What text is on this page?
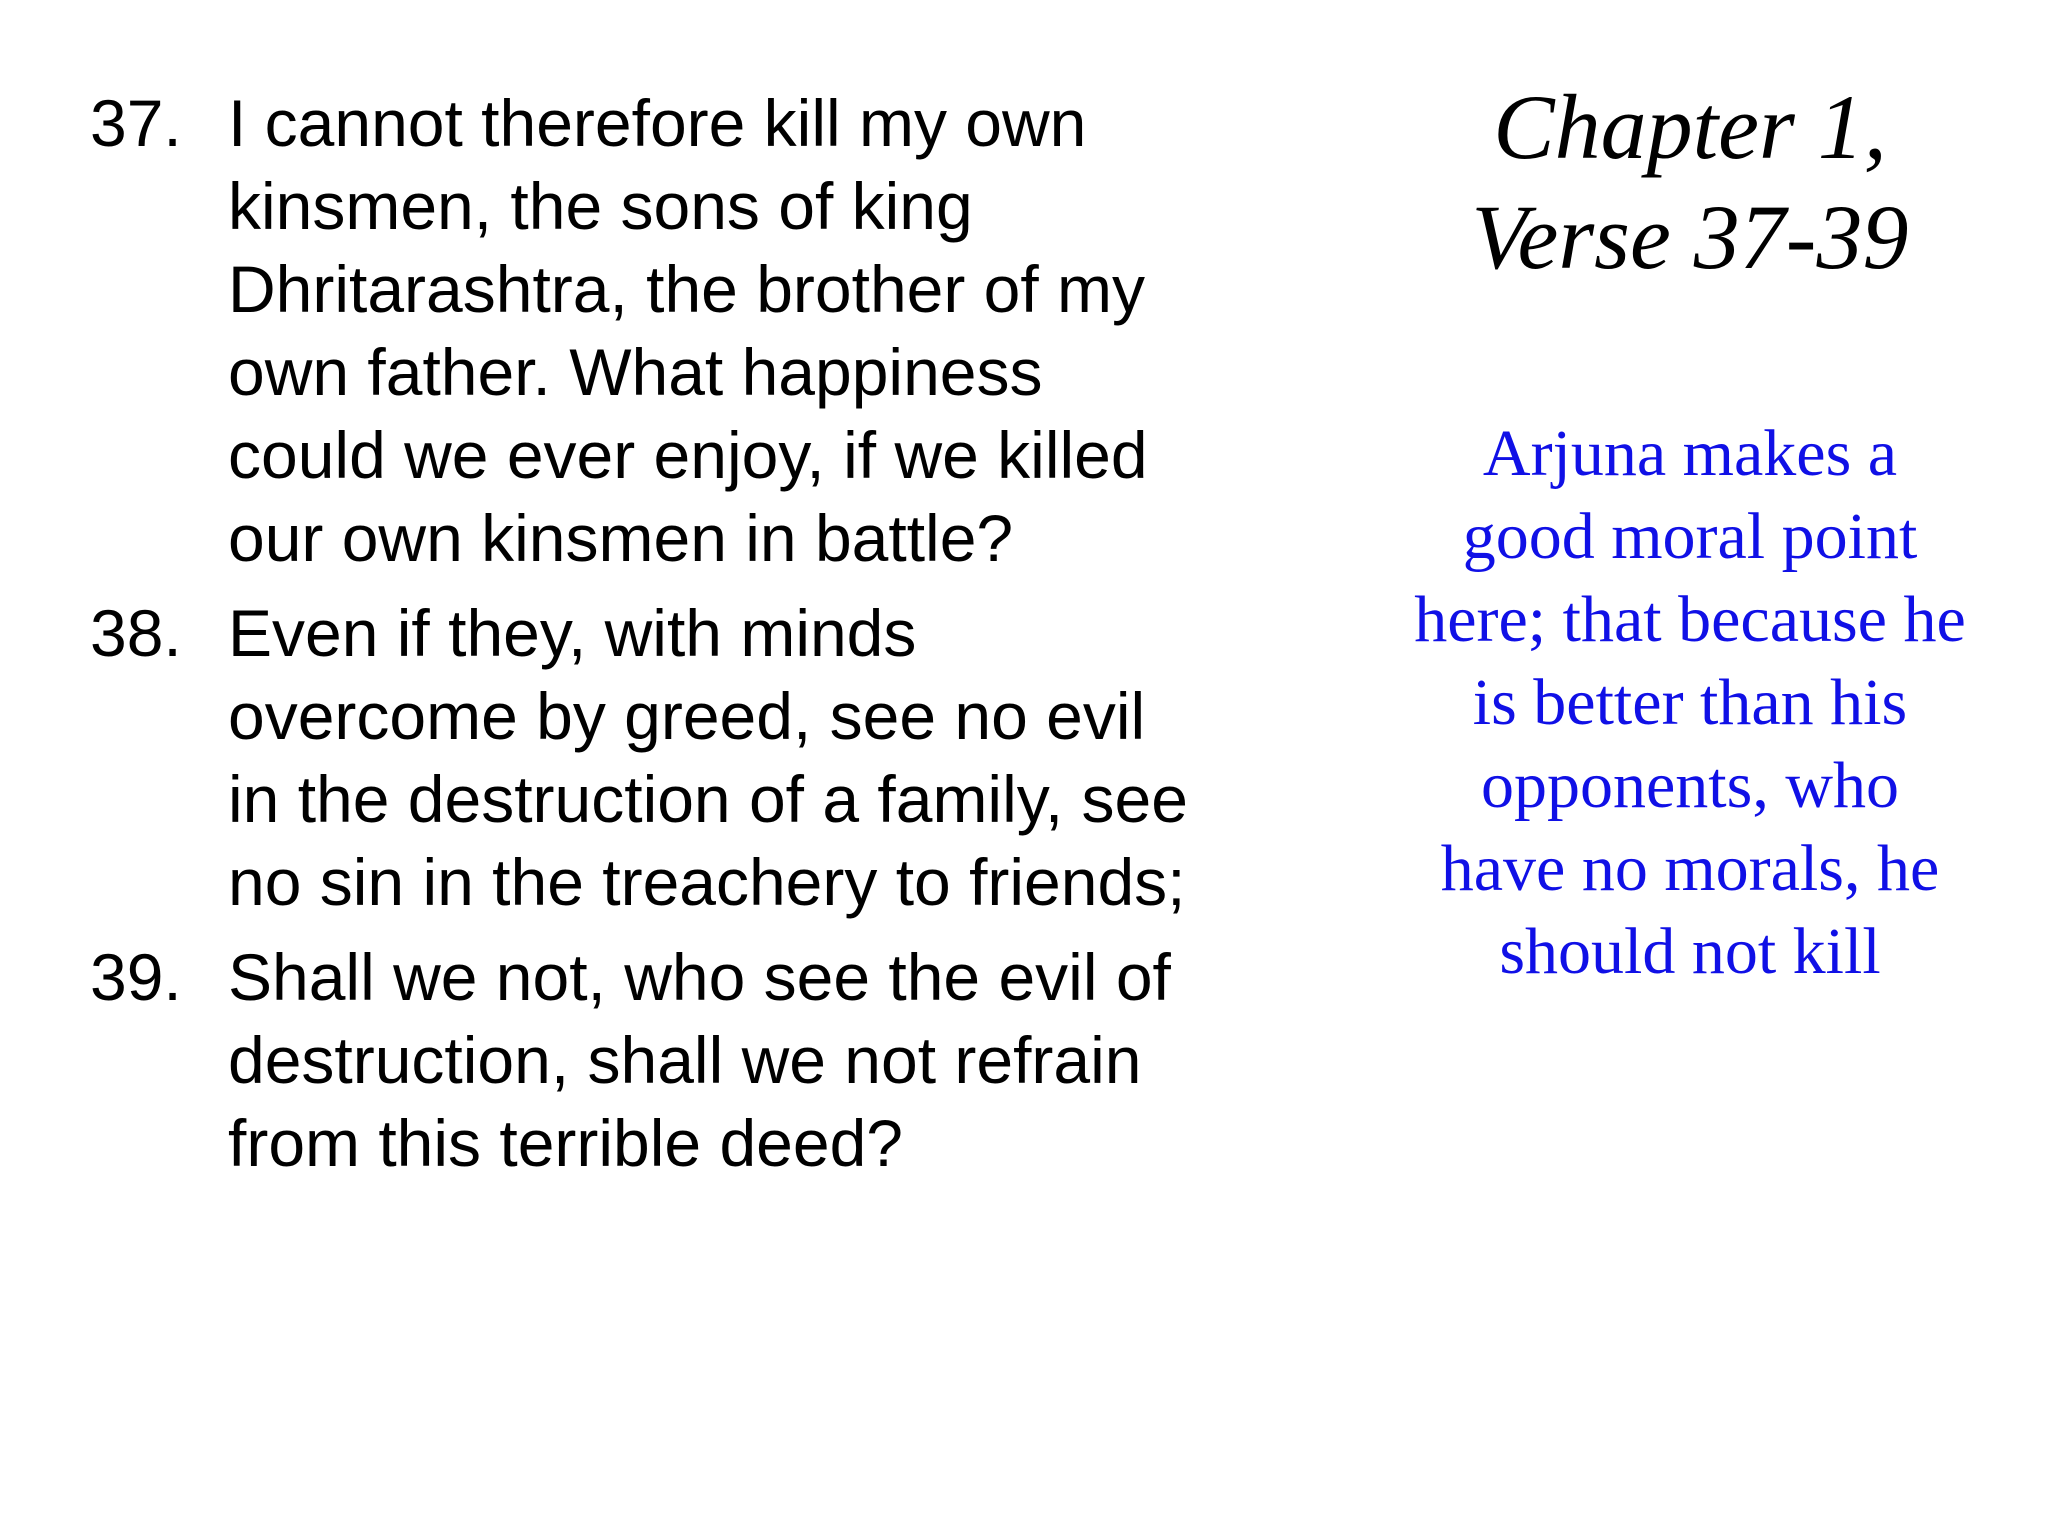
37. I cannot therefore kill my own
kinsmen, the sons of king
Dhritarashtra, the brother of my
own father. What happiness
could we ever enjoy, if we killed
our own kinsmen in battle?
38. Even if they, with minds
overcome by greed, see no evil
in the destruction of a family, see
no sin in the treachery to friends;
39. Shall we not, who see the evil of
destruction, shall we not refrain
from this terrible deed?
Chapter 1,
Verse 37-39
Arjuna makes a
good moral point
here; that because he
is better than his
opponents, who
have no morals, he
should not kill
